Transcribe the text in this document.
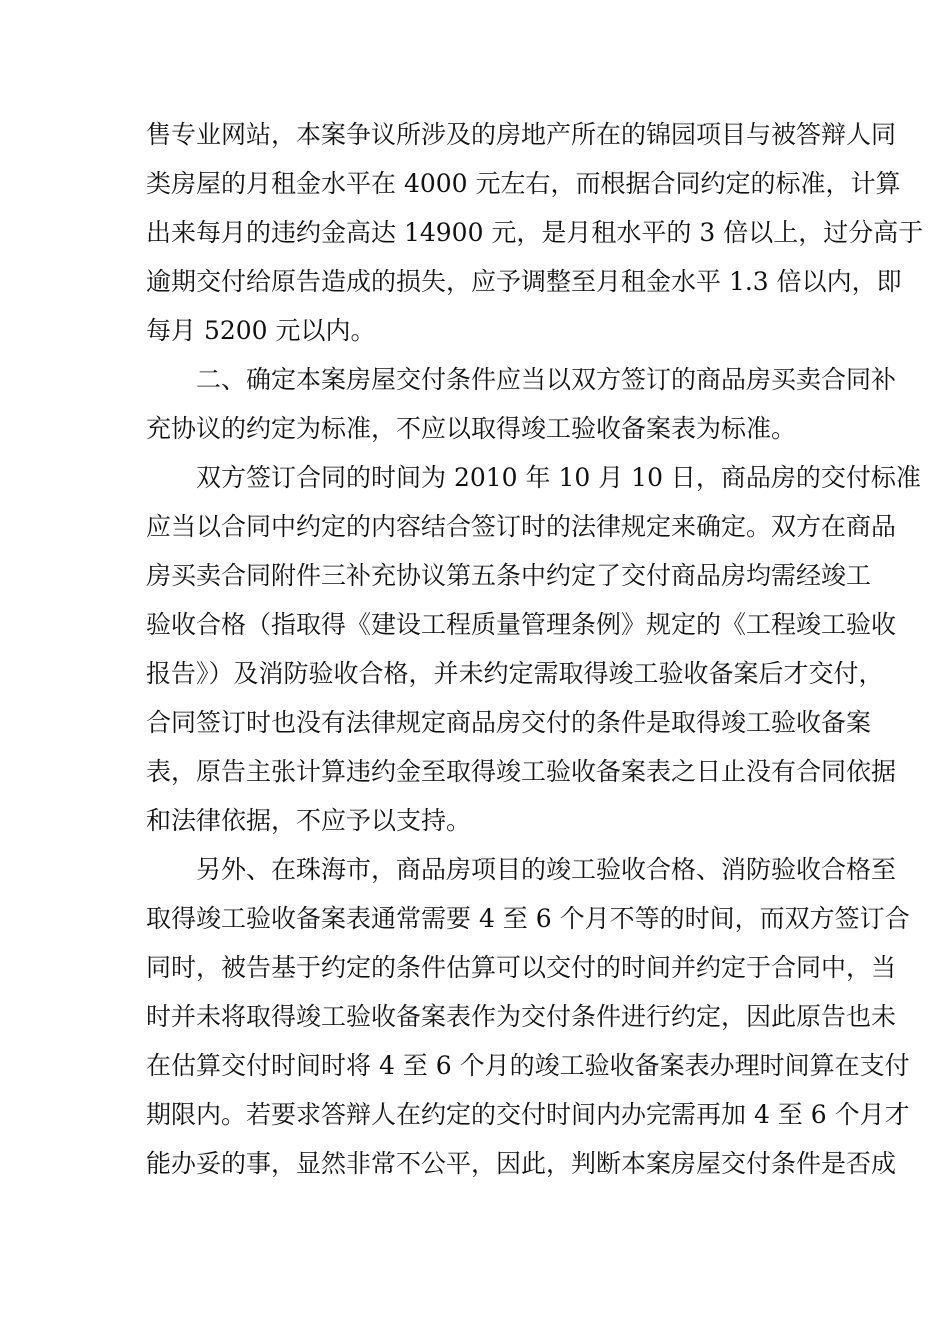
售专业网站，本案争议所涉及的房地产所在的锦园项目与被答辩人同
类房屋的月租金水平在 4000 元左右，而根据合同约定的标准，计算
出来每月的违约金高达 14900 元，是月租水平的 3 倍以上，过分高于
逾期交付给原告造成的损失，应予调整至月租金水平 1.3 倍以内，即
每月 5200 元以内。
二、确定本案房屋交付条件应当以双方签订的商品房买卖合同补
充协议的约定为标准，不应以取得竣工验收备案表为标准。
双方签订合同的时间为 2010 年 10 月 10 日，商品房的交付标准
应当以合同中约定的内容结合签订时的法律规定来确定。双方在商品
房买卖合同附件三补充协议第五条中约定了交付商品房均需经竣工
验收合格（指取得《建设工程质量管理条例》规定的《工程竣工验收
报告》）及消防验收合格，并未约定需取得竣工验收备案后才交付，
合同签订时也没有法律规定商品房交付的条件是取得竣工验收备案
表，原告主张计算违约金至取得竣工验收备案表之日止没有合同依据
和法律依据，不应予以支持。
另外、在珠海市，商品房项目的竣工验收合格、消防验收合格至
取得竣工验收备案表通常需要 4 至 6 个月不等的时间，而双方签订合
同时，被告基于约定的条件估算可以交付的时间并约定于合同中，当
时并未将取得竣工验收备案表作为交付条件进行约定，因此原告也未
在估算交付时间时将 4 至 6 个月的竣工验收备案表办理时间算在支付
期限内。若要求答辩人在约定的交付时间内办完需再加 4 至 6 个月才
能办妥的事，显然非常不公平，因此，判断本案房屋交付条件是否成
